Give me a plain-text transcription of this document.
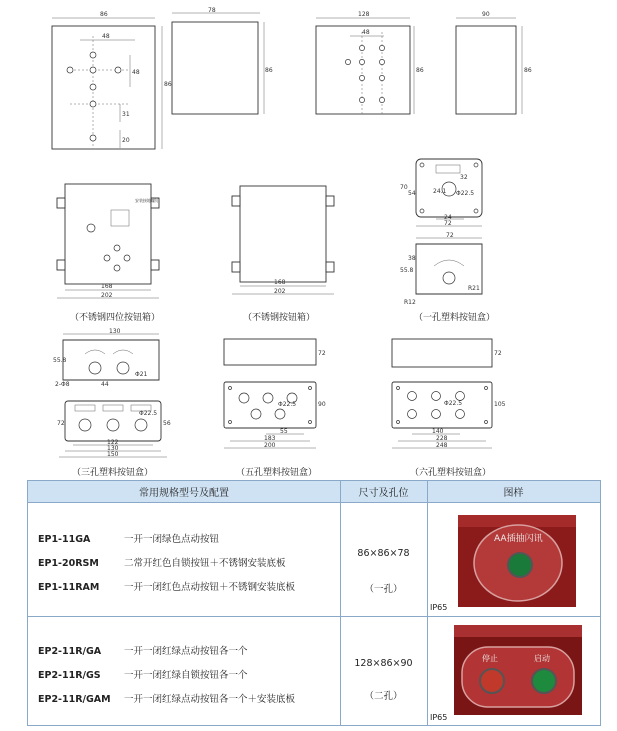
86
48
48
31
20
86
78
86
128
48
86
90
86
安装接地螺钉
168
202
168
202
32
24.1 Φ22.5
24
72
70
54
72
R21
R12
55.8
38
130
Φ21
44
2-Φ8
55.8
Φ22.5
122
130
150
72	56
72
Φ22.5
55
183
200
90
72
Φ22.5
140
228
248
105
（不锈钢四位按钮箱）	（不锈钢按钮箱）	（一孔塑料按钮盒）
（三孔塑料按钮盒）	（五孔塑料按钮盒）	（六孔塑料按钮盒）
常用规格型号及配置	尺寸及孔位	图样
EP1-11GA	一开一闭绿色点动按钮
EP1-20RSM	二常开红色自锁按钮＋不锈钢安装底板
EP1-11RAM	一开一闭红色点动按钮＋不锈钢安装底板
86×86×78
（一孔）
AA插抽闪讯
IP65
EP2-11R/GA 一开一闭红绿点动按钮各一个
EP2-11R/GS 一开一闭红绿自锁按钮各一个
EP2-11R/GAM 一开一闭红绿点动按钮各一个＋安装底板
128×86×90
（二孔）
停止	启动
IP65
